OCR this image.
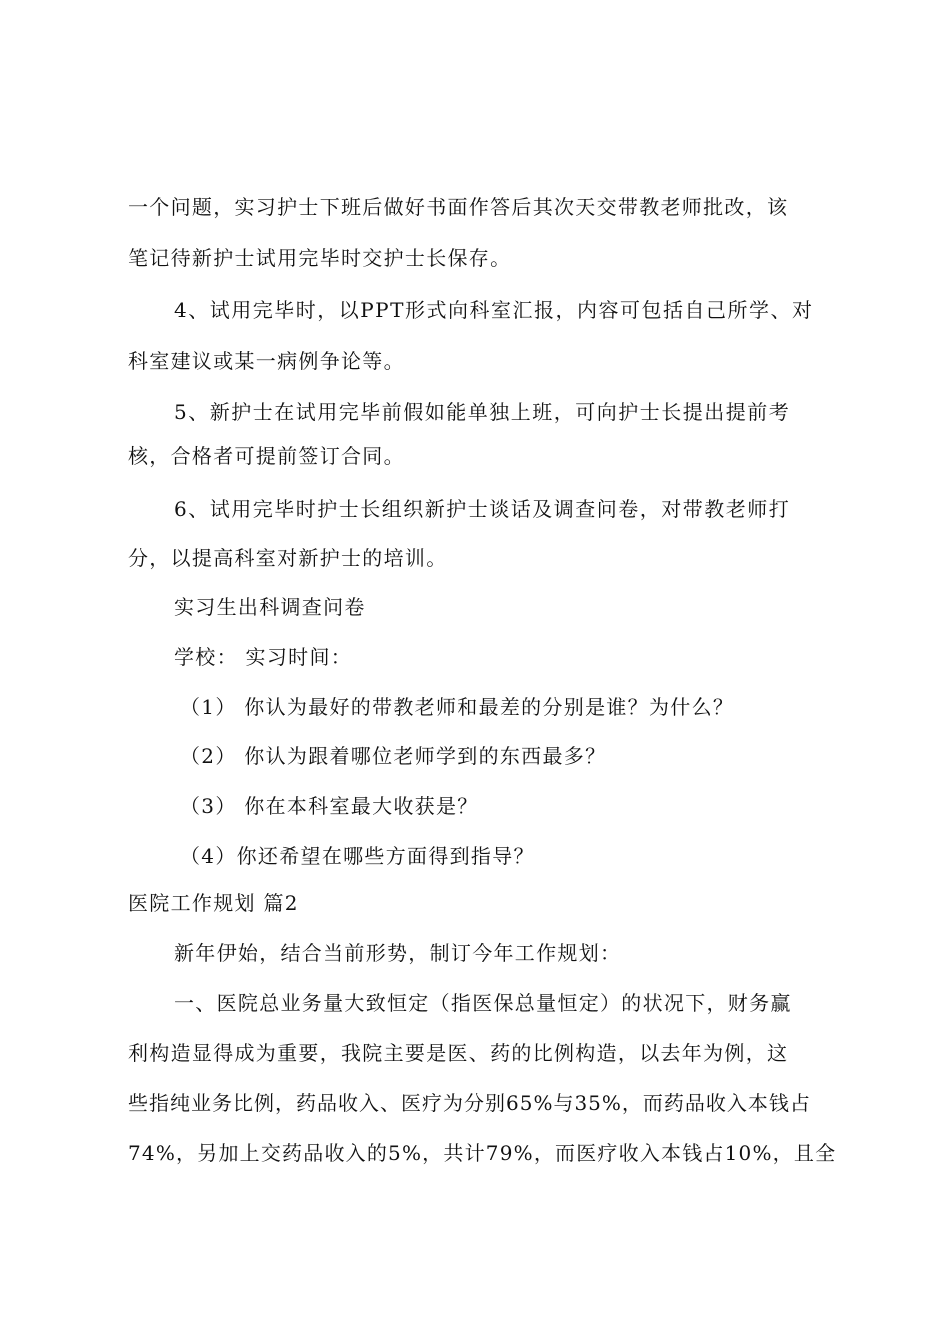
一个问题，实习护士下班后做好书面作答后其次天交带教老师批改，该
笔记待新护士试用完毕时交护士长保存。
4、试用完毕时，以PPT形式向科室汇报，内容可包括自己所学、对
科室建议或某一病例争论等。
5、新护士在试用完毕前假如能单独上班，可向护士长提出提前考
核，合格者可提前签订合同。
6、试用完毕时护士长组织新护士谈话及调查问卷，对带教老师打
分，以提高科室对新护士的培训。
实习生出科调查问卷
学校： 实习时间：
（1） 你认为最好的带教老师和最差的分别是谁？为什么？
（2） 你认为跟着哪位老师学到的东西最多？
（3） 你在本科室最大收获是？
（4）你还希望在哪些方面得到指导？
医院工作规划 篇2
新年伊始，结合当前形势，制订今年工作规划：
一、医院总业务量大致恒定（指医保总量恒定）的状况下，财务赢
利构造显得成为重要，我院主要是医、药的比例构造，以去年为例，这
些指纯业务比例，药品收入、医疗为分别65%与35%，而药品收入本钱占
74%，另加上交药品收入的5%，共计79%，而医疗收入本钱占10%，且全
